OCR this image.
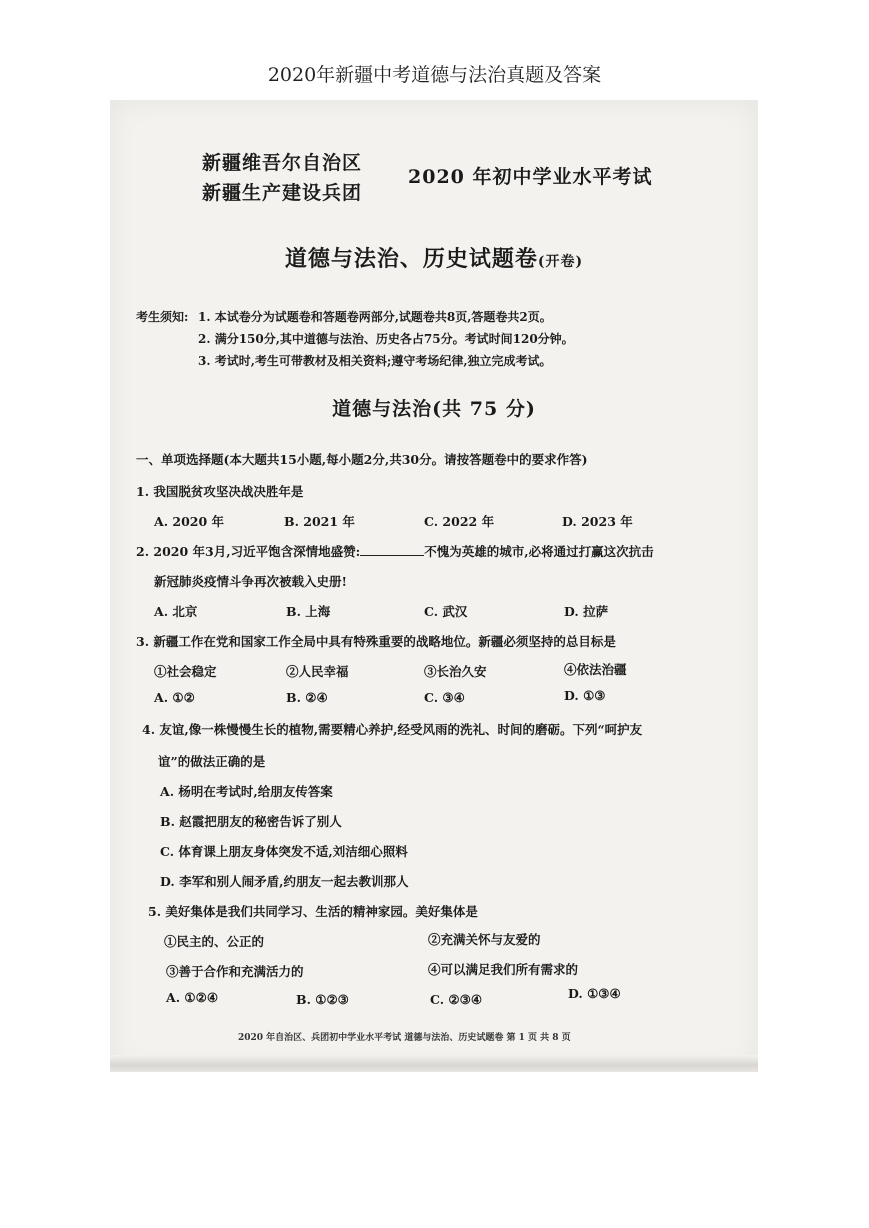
2020年新疆中考道德与法治真题及答案
新疆维吾尔自治区
新疆生产建设兵团
2020 年初中学业水平考试
道德与法治、历史试题卷(开卷)
考生须知: 1. 本试卷分为试题卷和答题卷两部分,试题卷共8页,答题卷共2页。
2. 满分150分,其中道德与法治、历史各占75分。考试时间120分钟。
3. 考试时,考生可带教材及相关资料;遵守考场纪律,独立完成考试。
道德与法治(共 75 分)
一、单项选择题(本大题共15小题,每小题2分,共30分。请按答题卷中的要求作答)
1. 我国脱贫攻坚决战决胜年是
A. 2020 年	B. 2021 年	C. 2022 年	D. 2023 年
2. 2020 年3月,习近平饱含深情地盛赞:	不愧为英雄的城市,必将通过打赢这次抗击
新冠肺炎疫情斗争再次被载入史册!
A. 北京	B. 上海	C. 武汉	D. 拉萨
3. 新疆工作在党和国家工作全局中具有特殊重要的战略地位。新疆必须坚持的总目标是
①社会稳定	②人民幸福	③长治久安	④依法治疆
A. ①②	B. ②④	C. ③④	D. ①③
4. 友谊,像一株慢慢生长的植物,需要精心养护,经受风雨的洗礼、时间的磨砺。下列“呵护友
谊”的做法正确的是
A. 杨明在考试时,给朋友传答案
B. 赵霞把朋友的秘密告诉了别人
C. 体育课上朋友身体突发不适,刘洁细心照料
D. 李军和别人闹矛盾,约朋友一起去教训那人
5. 美好集体是我们共同学习、生活的精神家园。美好集体是
①民主的、公正的	②充满关怀与友爱的
③善于合作和充满活力的	④可以满足我们所有需求的
A. ①②④	B. ①②③	C. ②③④	D. ①③④
2020 年自治区、兵团初中学业水平考试 道德与法治、历史试题卷 第 1 页 共 8 页
